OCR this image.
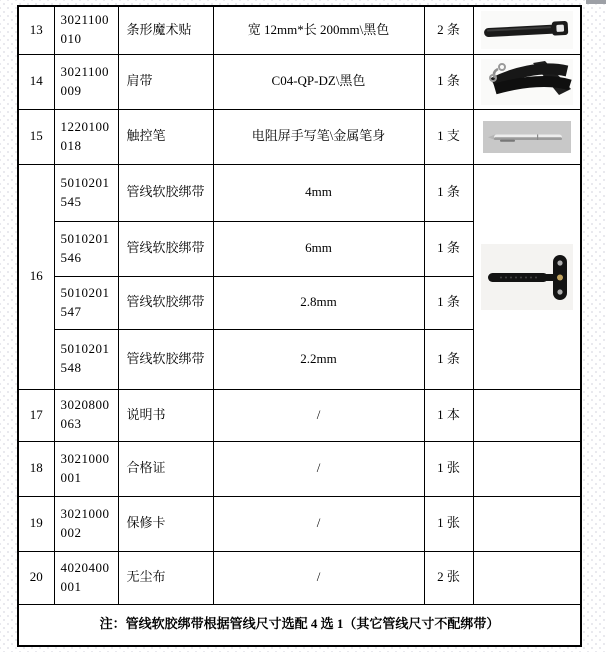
13	3021100010	条形魔术贴	宽 12mm*长 200mm\黑色	2 条	

14	3021100009	肩带	C04-QP-DZ\黑色	1 条	

15	1220100018	触控笔	电阻屏手写笔\金属笔身	1 支	

16	5010201545	管线软胶绑带	4mm	1 条	

	5010201546	管线软胶绑带	6mm	1 条	
	5010201547	管线软胶绑带	2.8mm	1 条	
	5010201548	管线软胶绑带	2.2mm	1 条	
17	3020800063	说明书	/	1 本	
18	3021000001	合格证	/	1 张	
19	3021000002	保修卡	/	1 张	
20	4020400001	无尘布	/	2 张	
注：管线软胶绑带根据管线尺寸选配 4 选 1（其它管线尺寸不配绑带）					
